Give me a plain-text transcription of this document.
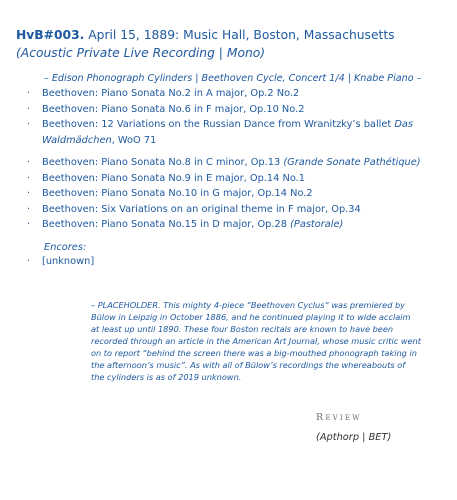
HvB#003. April 15, 1889: Music Hall, Boston, Massachusetts (Acoustic Private Live Recording | Mono)
– Edison Phonograph Cylinders | Beethoven Cycle, Concert 1/4 | Knabe Piano –
· Beethoven: Piano Sonata No.2 in A major, Op.2 No.2
· Beethoven: Piano Sonata No.6 in F major, Op.10 No.2
· Beethoven: 12 Variations on the Russian Dance from Wranitzky’s ballet Das Waldmädchen, WoO 71
· Beethoven: Piano Sonata No.8 in C minor, Op.13 (Grande Sonate Pathétique)
· Beethoven: Piano Sonata No.9 in E major, Op.14 No.1
· Beethoven: Piano Sonata No.10 in G major, Op.14 No.2
· Beethoven: Six Variations on an original theme in F major, Op.34
· Beethoven: Piano Sonata No.15 in D major, Op.28 (Pastorale)
Encores:
· [unknown]
– PLACEHOLDER. This mighty 4-piece “Beethoven Cyclus” was premiered by Bülow in Leipzig in October 1886, and he continued playing it to wide acclaim at least up until 1890. These four Boston recitals are known to have been recorded through an article in the American Art Journal, whose music critic went on to report “behind the screen there was a big-mouthed phonograph taking in the afternoon’s music”. As with all of Bülow’s recordings the whereabouts of the cylinders is as of 2019 unknown.
Review
(Apthorp | BET)
